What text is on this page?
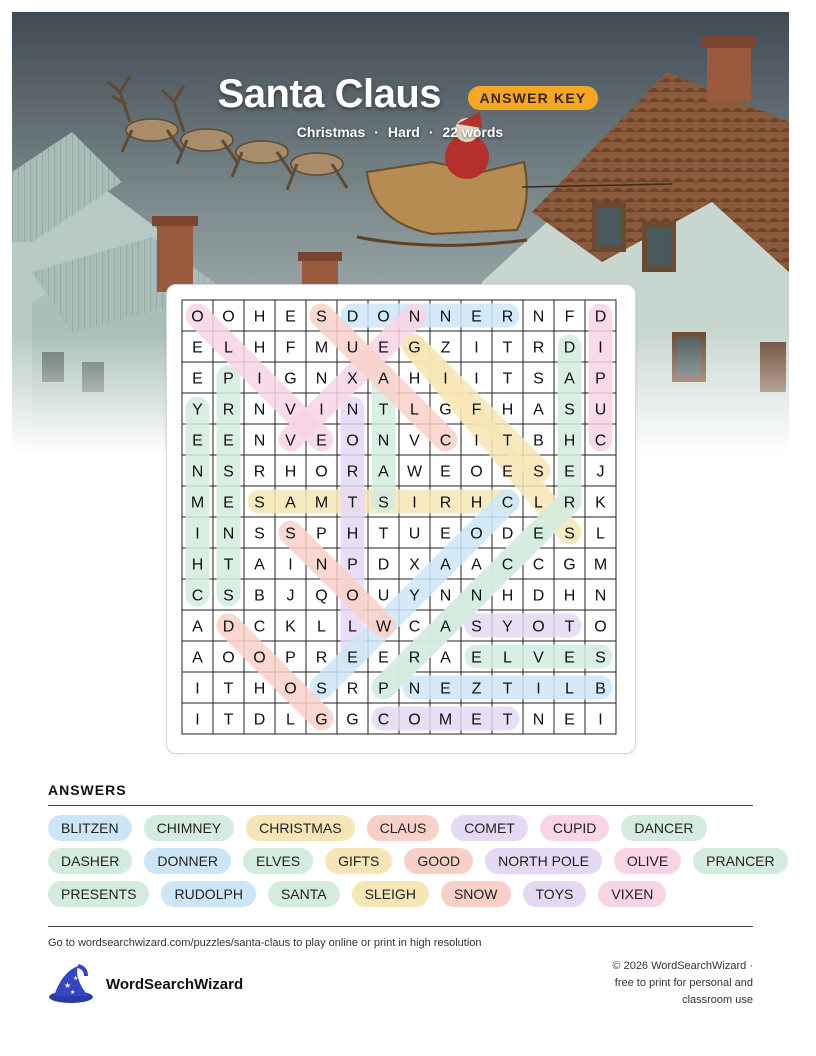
Santa Claus	ANSWER KEY
Christmas · Hard · 22 words
O O H E S D O N N E R N F D
E L H F M U E G Z I T R D I
E P I G N X A H I I T S A P
Y R N V I N T L G F H A S U
E E N V E O N V C I T B H C
N S R H O R A W E O E S E J
M E S A M T S I R H C L R K
I N S S P H T U E O D E S L
H T A I N P D X A A C C G M
C S B J Q O U Y N N H D H N
A D C K L L W C A S Y O T O
A O O P R E E R A E L V E S
I T H O S R P N E Z T I L B
I T D L G G C O M E T N E I
ANSWERS
BLITZEN	CHIMNEY	CHRISTMAS	CLAUS	COMET	CUPID	DANCER
DASHER	DONNER	ELVES	GIFTS	GOOD	NORTH POLE	OLIVE	PRANCER
PRESENTS	RUDOLPH	SANTA	SLEIGH	SNOW	TOYS	VIXEN
Go to wordsearchwizard.com/puzzles/santa-claus to play online or print in high resolution
★
★
★ WordSearchWizard
© 2026 WordSearchWizard ·
free to print for personal and
classroom use
